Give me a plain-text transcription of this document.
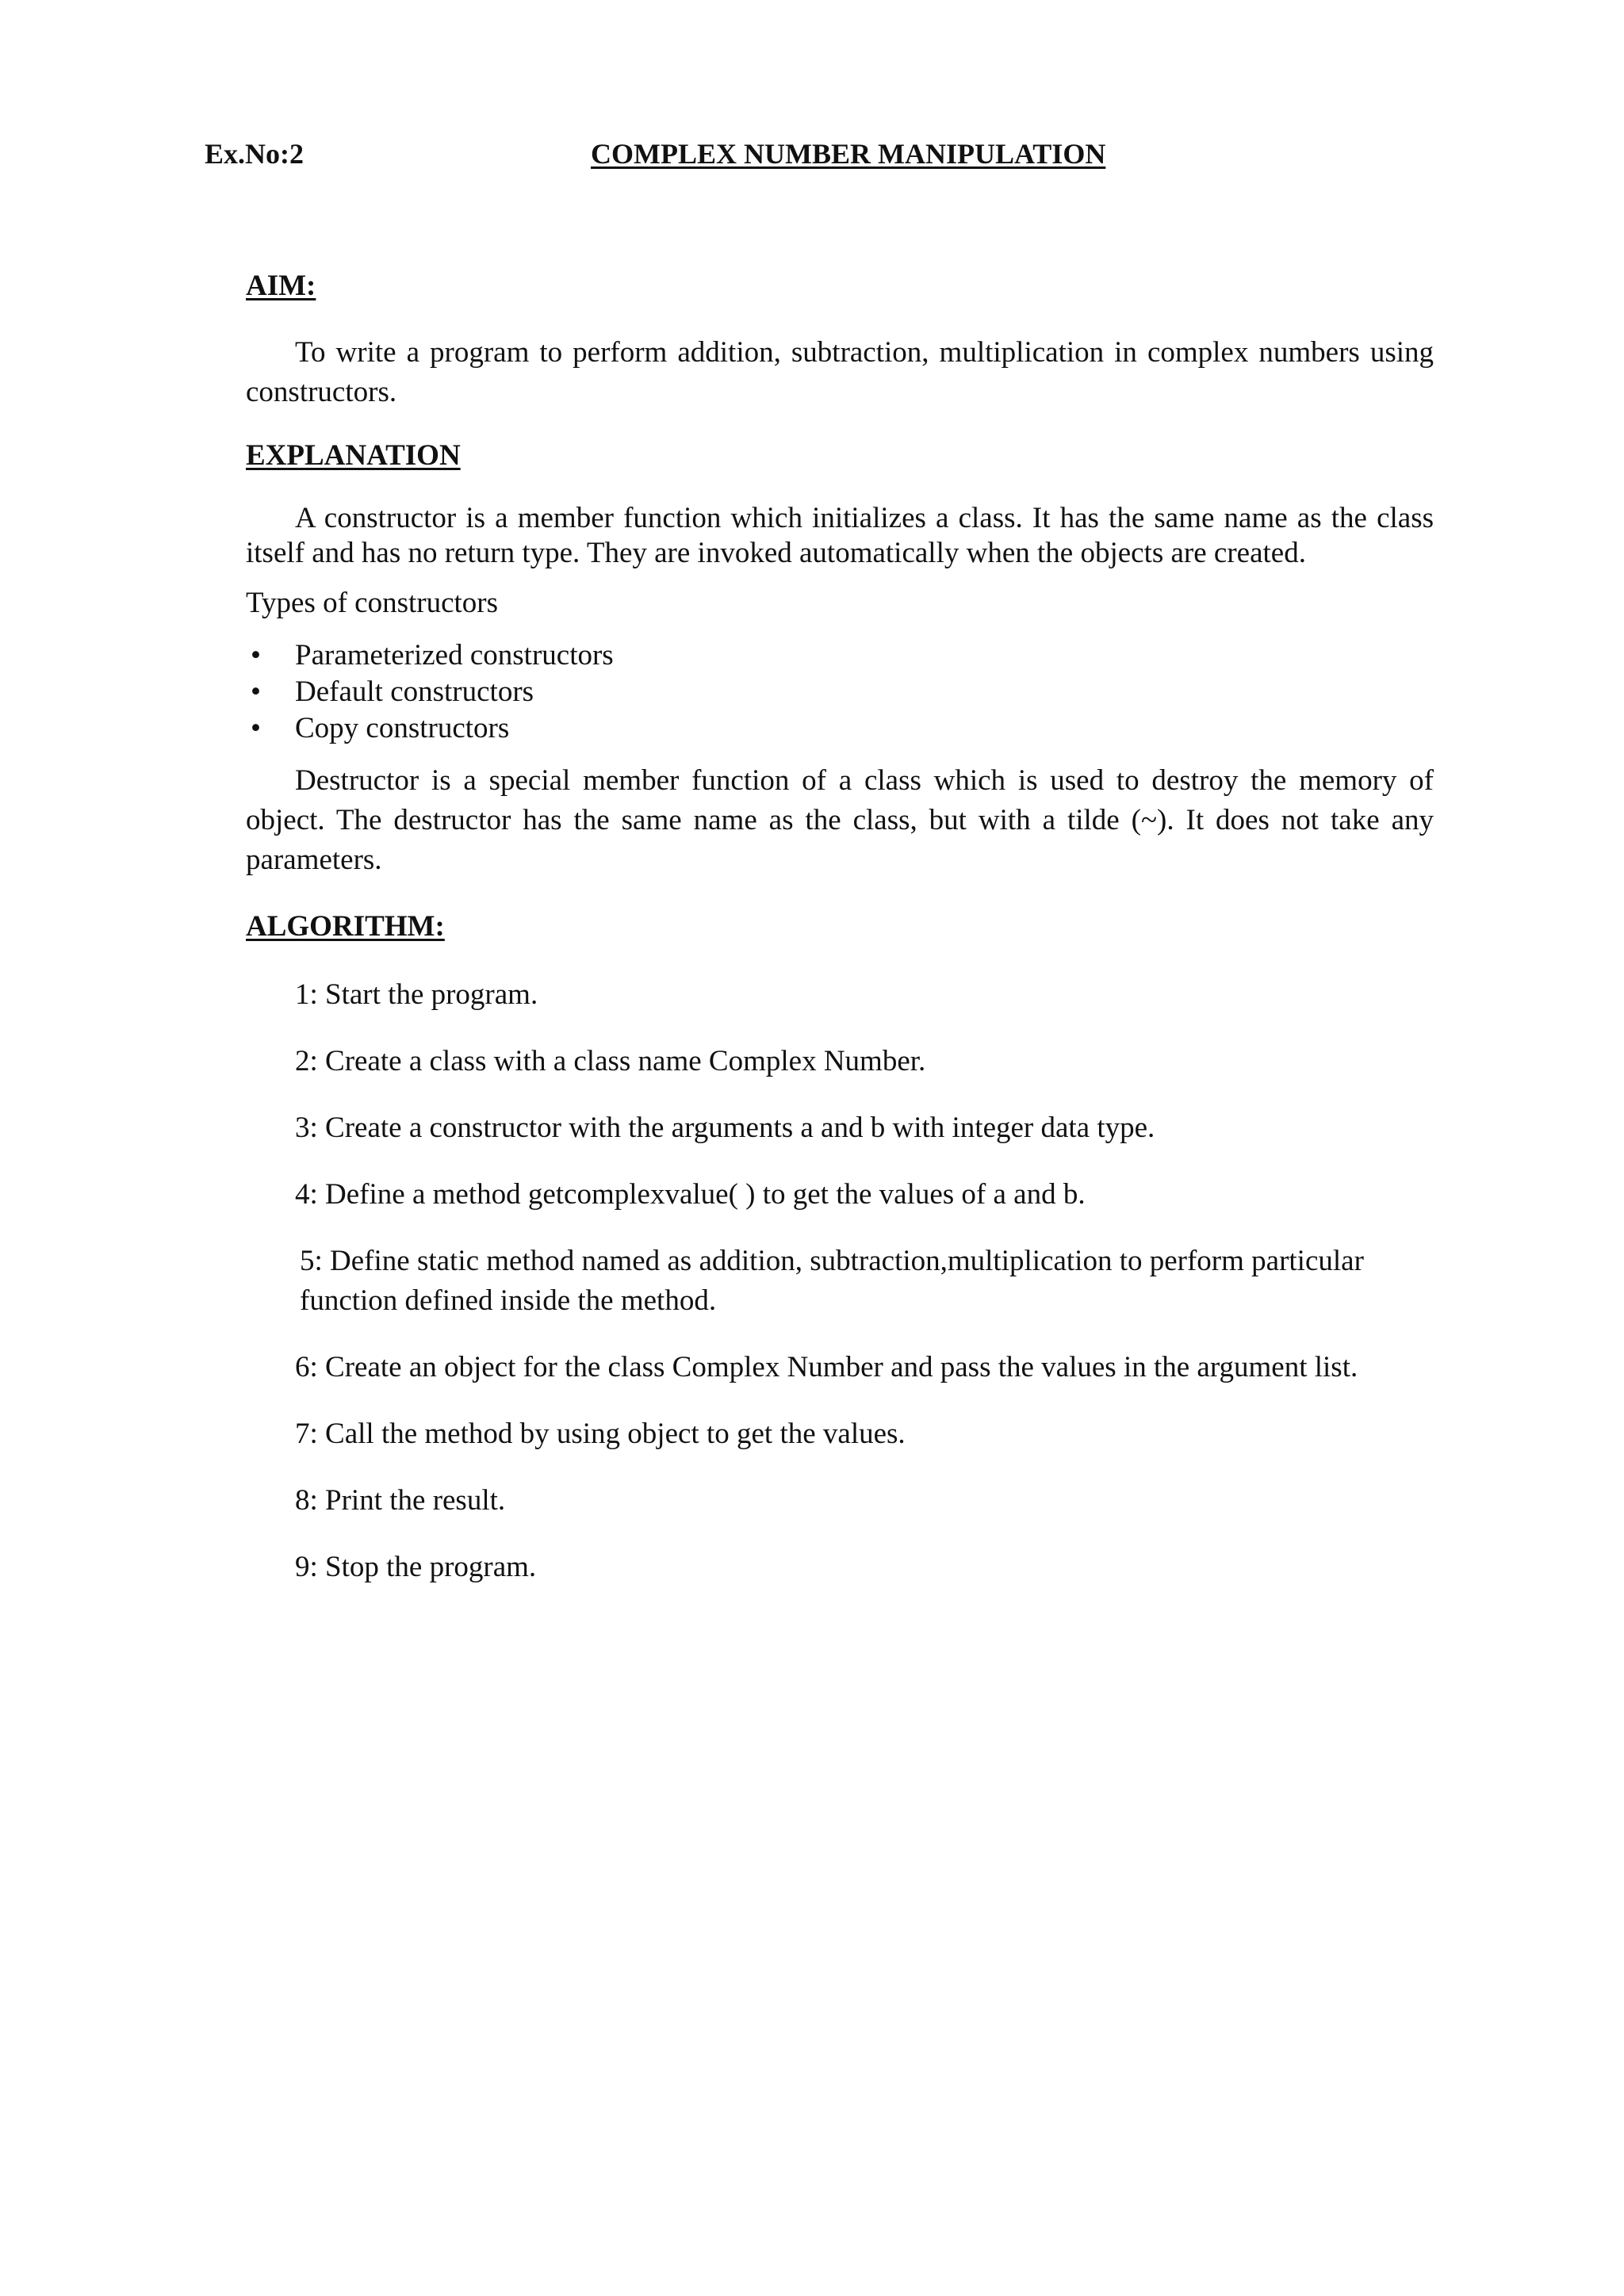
Ex.No:2	COMPLEX NUMBER MANIPULATION

AIM:

To write a program to perform addition, subtraction, multiplication in complex numbers using constructors.

EXPLANATION

A constructor is a member function which initializes a class. It has the same name as the class itself and has no return type. They are invoked automatically when the objects are created.

Types of constructors

• Parameterized constructors
• Default constructors
• Copy constructors

Destructor is a special member function of a class which is used to destroy the memory of object. The destructor has the same name as the class, but with a tilde (~). It does not take any parameters.

ALGORITHM:

1: Start the program.

2: Create a class with a class name Complex Number.

3: Create a constructor with the arguments a and b with integer data type.

4: Define a method getcomplexvalue( ) to get the values of a and b.

5: Define static method named as addition, subtraction,multiplication to perform particular function defined inside the method.

6: Create an object for the class Complex Number and pass the values in the argument list.

7: Call the method by using object to get the values.

8: Print the result.

9: Stop the program.
